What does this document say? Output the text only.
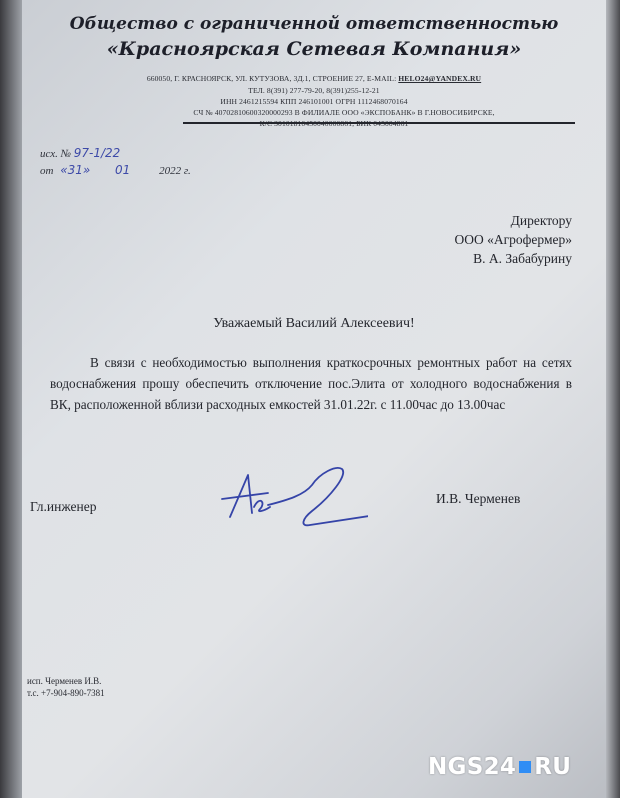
Общество с ограниченной ответственностью
«Красноярская Сетевая Компания»
660050, Г. КРАСНОЯРСК, УЛ. КУТУЗОВА, 3Д.1, СТРОЕНИЕ 27, E-MAIL: HELO24@YANDEX.RU
ТЕЛ. 8(391) 277-79-20, 8(391)255-12-21
ИНН 2461215594 КПП 246101001 ОГРН 1112468070164
СЧ № 40702810600320000293 В ФИЛИАЛЕ ООО «ЭКСПОБАНК» В Г.НОВОСИБИРСКЕ,
исх. № 97-1/22
от «31» 01	2022 г.
Директору
ООО «Агрофермер»
В. А. Забабурину
Уважаемый Василий Алексеевич!

В связи с необходимостью выполнения краткосрочных ремонтных работ на сетях водоснабжения прошу обеспечить отключение пос.Элита от холодного водоснабжения в ВК, расположенной вблизи расходных емкостей 31.01.22г. с 11.00час до 13.00час

Гл.инженер
И.В. Черменев
исп. Черменев И.В.
т.с. +7-904-890-7381
NGS24 RU
